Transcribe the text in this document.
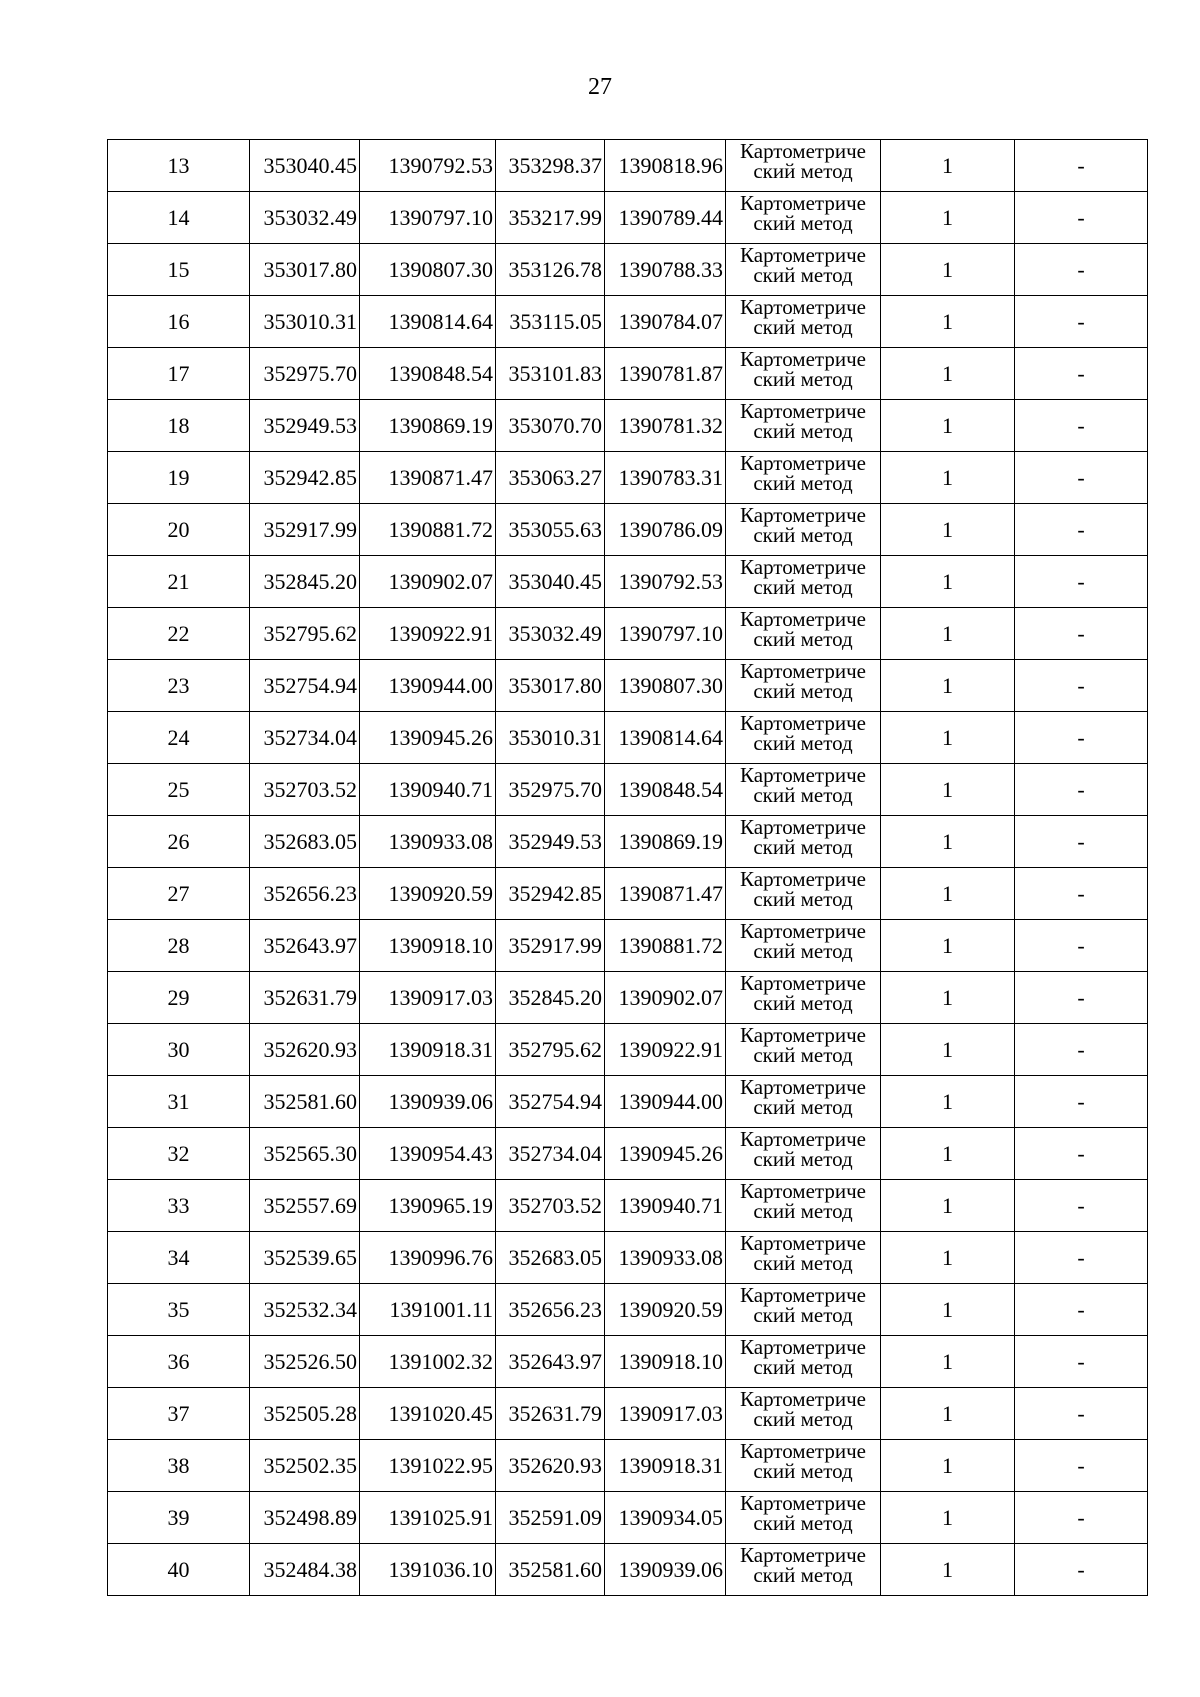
27
13	353040.45	1390792.53	353298.37	1390818.96	Картометриче
ский метод	1	-
14	353032.49	1390797.10	353217.99	1390789.44	Картометриче
ский метод	1	-
15	353017.80	1390807.30	353126.78	1390788.33	Картометриче
ский метод	1	-
16	353010.31	1390814.64	353115.05	1390784.07	Картометриче
ский метод	1	-
17	352975.70	1390848.54	353101.83	1390781.87	Картометриче
ский метод	1	-
18	352949.53	1390869.19	353070.70	1390781.32	Картометриче
ский метод	1	-
19	352942.85	1390871.47	353063.27	1390783.31	Картометриче
ский метод	1	-
20	352917.99	1390881.72	353055.63	1390786.09	Картометриче
ский метод	1	-
21	352845.20	1390902.07	353040.45	1390792.53	Картометриче
ский метод	1	-
22	352795.62	1390922.91	353032.49	1390797.10	Картометриче
ский метод	1	-
23	352754.94	1390944.00	353017.80	1390807.30	Картометриче
ский метод	1	-
24	352734.04	1390945.26	353010.31	1390814.64	Картометриче
ский метод	1	-
25	352703.52	1390940.71	352975.70	1390848.54	Картометриче
ский метод	1	-
26	352683.05	1390933.08	352949.53	1390869.19	Картометриче
ский метод	1	-
27	352656.23	1390920.59	352942.85	1390871.47	Картометриче
ский метод	1	-
28	352643.97	1390918.10	352917.99	1390881.72	Картометриче
ский метод	1	-
29	352631.79	1390917.03	352845.20	1390902.07	Картометриче
ский метод	1	-
30	352620.93	1390918.31	352795.62	1390922.91	Картометриче
ский метод	1	-
31	352581.60	1390939.06	352754.94	1390944.00	Картометриче
ский метод	1	-
32	352565.30	1390954.43	352734.04	1390945.26	Картометриче
ский метод	1	-
33	352557.69	1390965.19	352703.52	1390940.71	Картометриче
ский метод	1	-
34	352539.65	1390996.76	352683.05	1390933.08	Картометриче
ский метод	1	-
35	352532.34	1391001.11	352656.23	1390920.59	Картометриче
ский метод	1	-
36	352526.50	1391002.32	352643.97	1390918.10	Картометриче
ский метод	1	-
37	352505.28	1391020.45	352631.79	1390917.03	Картометриче
ский метод	1	-
38	352502.35	1391022.95	352620.93	1390918.31	Картометриче
ский метод	1	-
39	352498.89	1391025.91	352591.09	1390934.05	Картометриче
ский метод	1	-
40	352484.38	1391036.10	352581.60	1390939.06	Картометриче
ский метод	1	-
